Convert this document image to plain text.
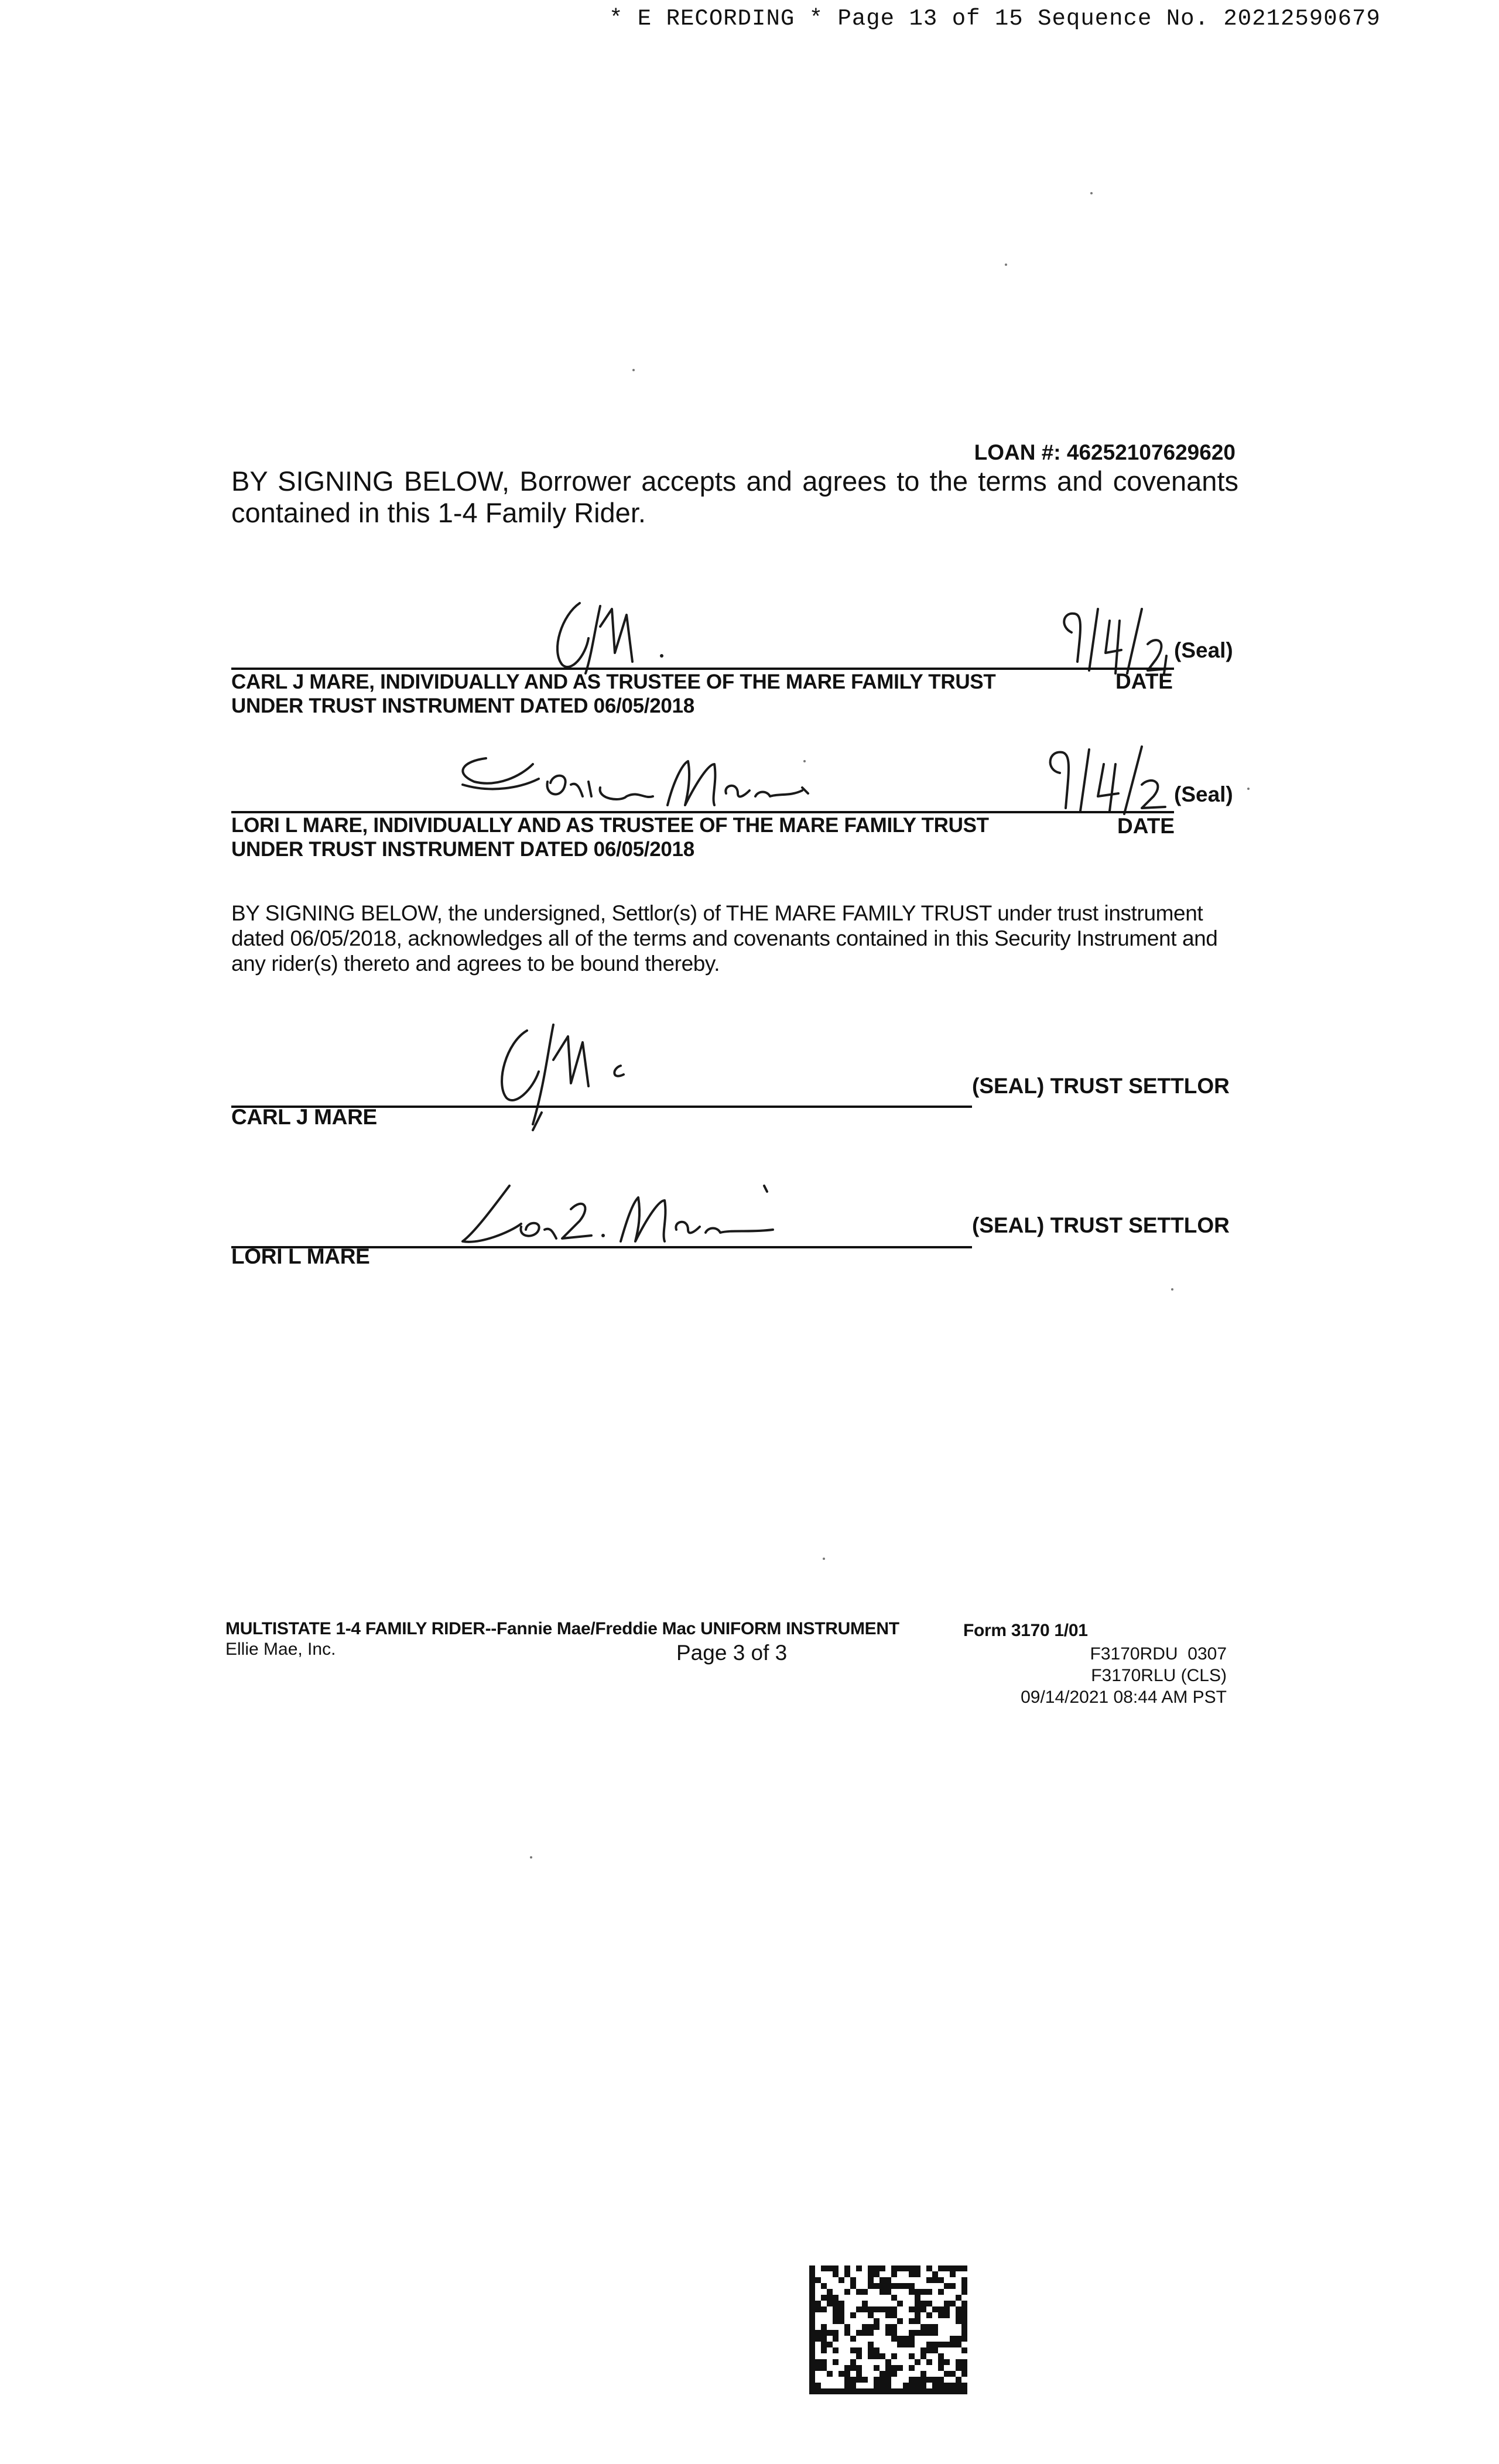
* E RECORDING * Page 13 of 15 Sequence No. 20212590679
LOAN #: 46252107629620
BY SIGNING BELOW, Borrower accepts and agrees to the terms and covenants contained in this 1-4 Family Rider.
(Seal)
CARL J MARE, INDIVIDUALLY AND AS TRUSTEE OF THE MARE FAMILY TRUST	DATE
UNDER TRUST INSTRUMENT DATED 06/05/2018
(Seal)
LORI L MARE, INDIVIDUALLY AND AS TRUSTEE OF THE MARE FAMILY TRUST	DATE
UNDER TRUST INSTRUMENT DATED 06/05/2018
BY SIGNING BELOW, the undersigned, Settlor(s) of THE MARE FAMILY TRUST under trust instrument dated 06/05/2018, acknowledges all of the terms and covenants contained in this Security Instrument and any rider(s) thereto and agrees to be bound thereby.
CARL J MARE
(SEAL) TRUST SETTLOR
LORI L MARE
(SEAL) TRUST SETTLOR
MULTISTATE 1-4 FAMILY RIDER--Fannie Mae/Freddie Mac UNIFORM INSTRUMENT
Ellie Mae, Inc.	Page 3 of 3
Form 3170 1/01
F3170RDU  0307
F3170RLU (CLS)
09/14/2021 08:44 AM PST
